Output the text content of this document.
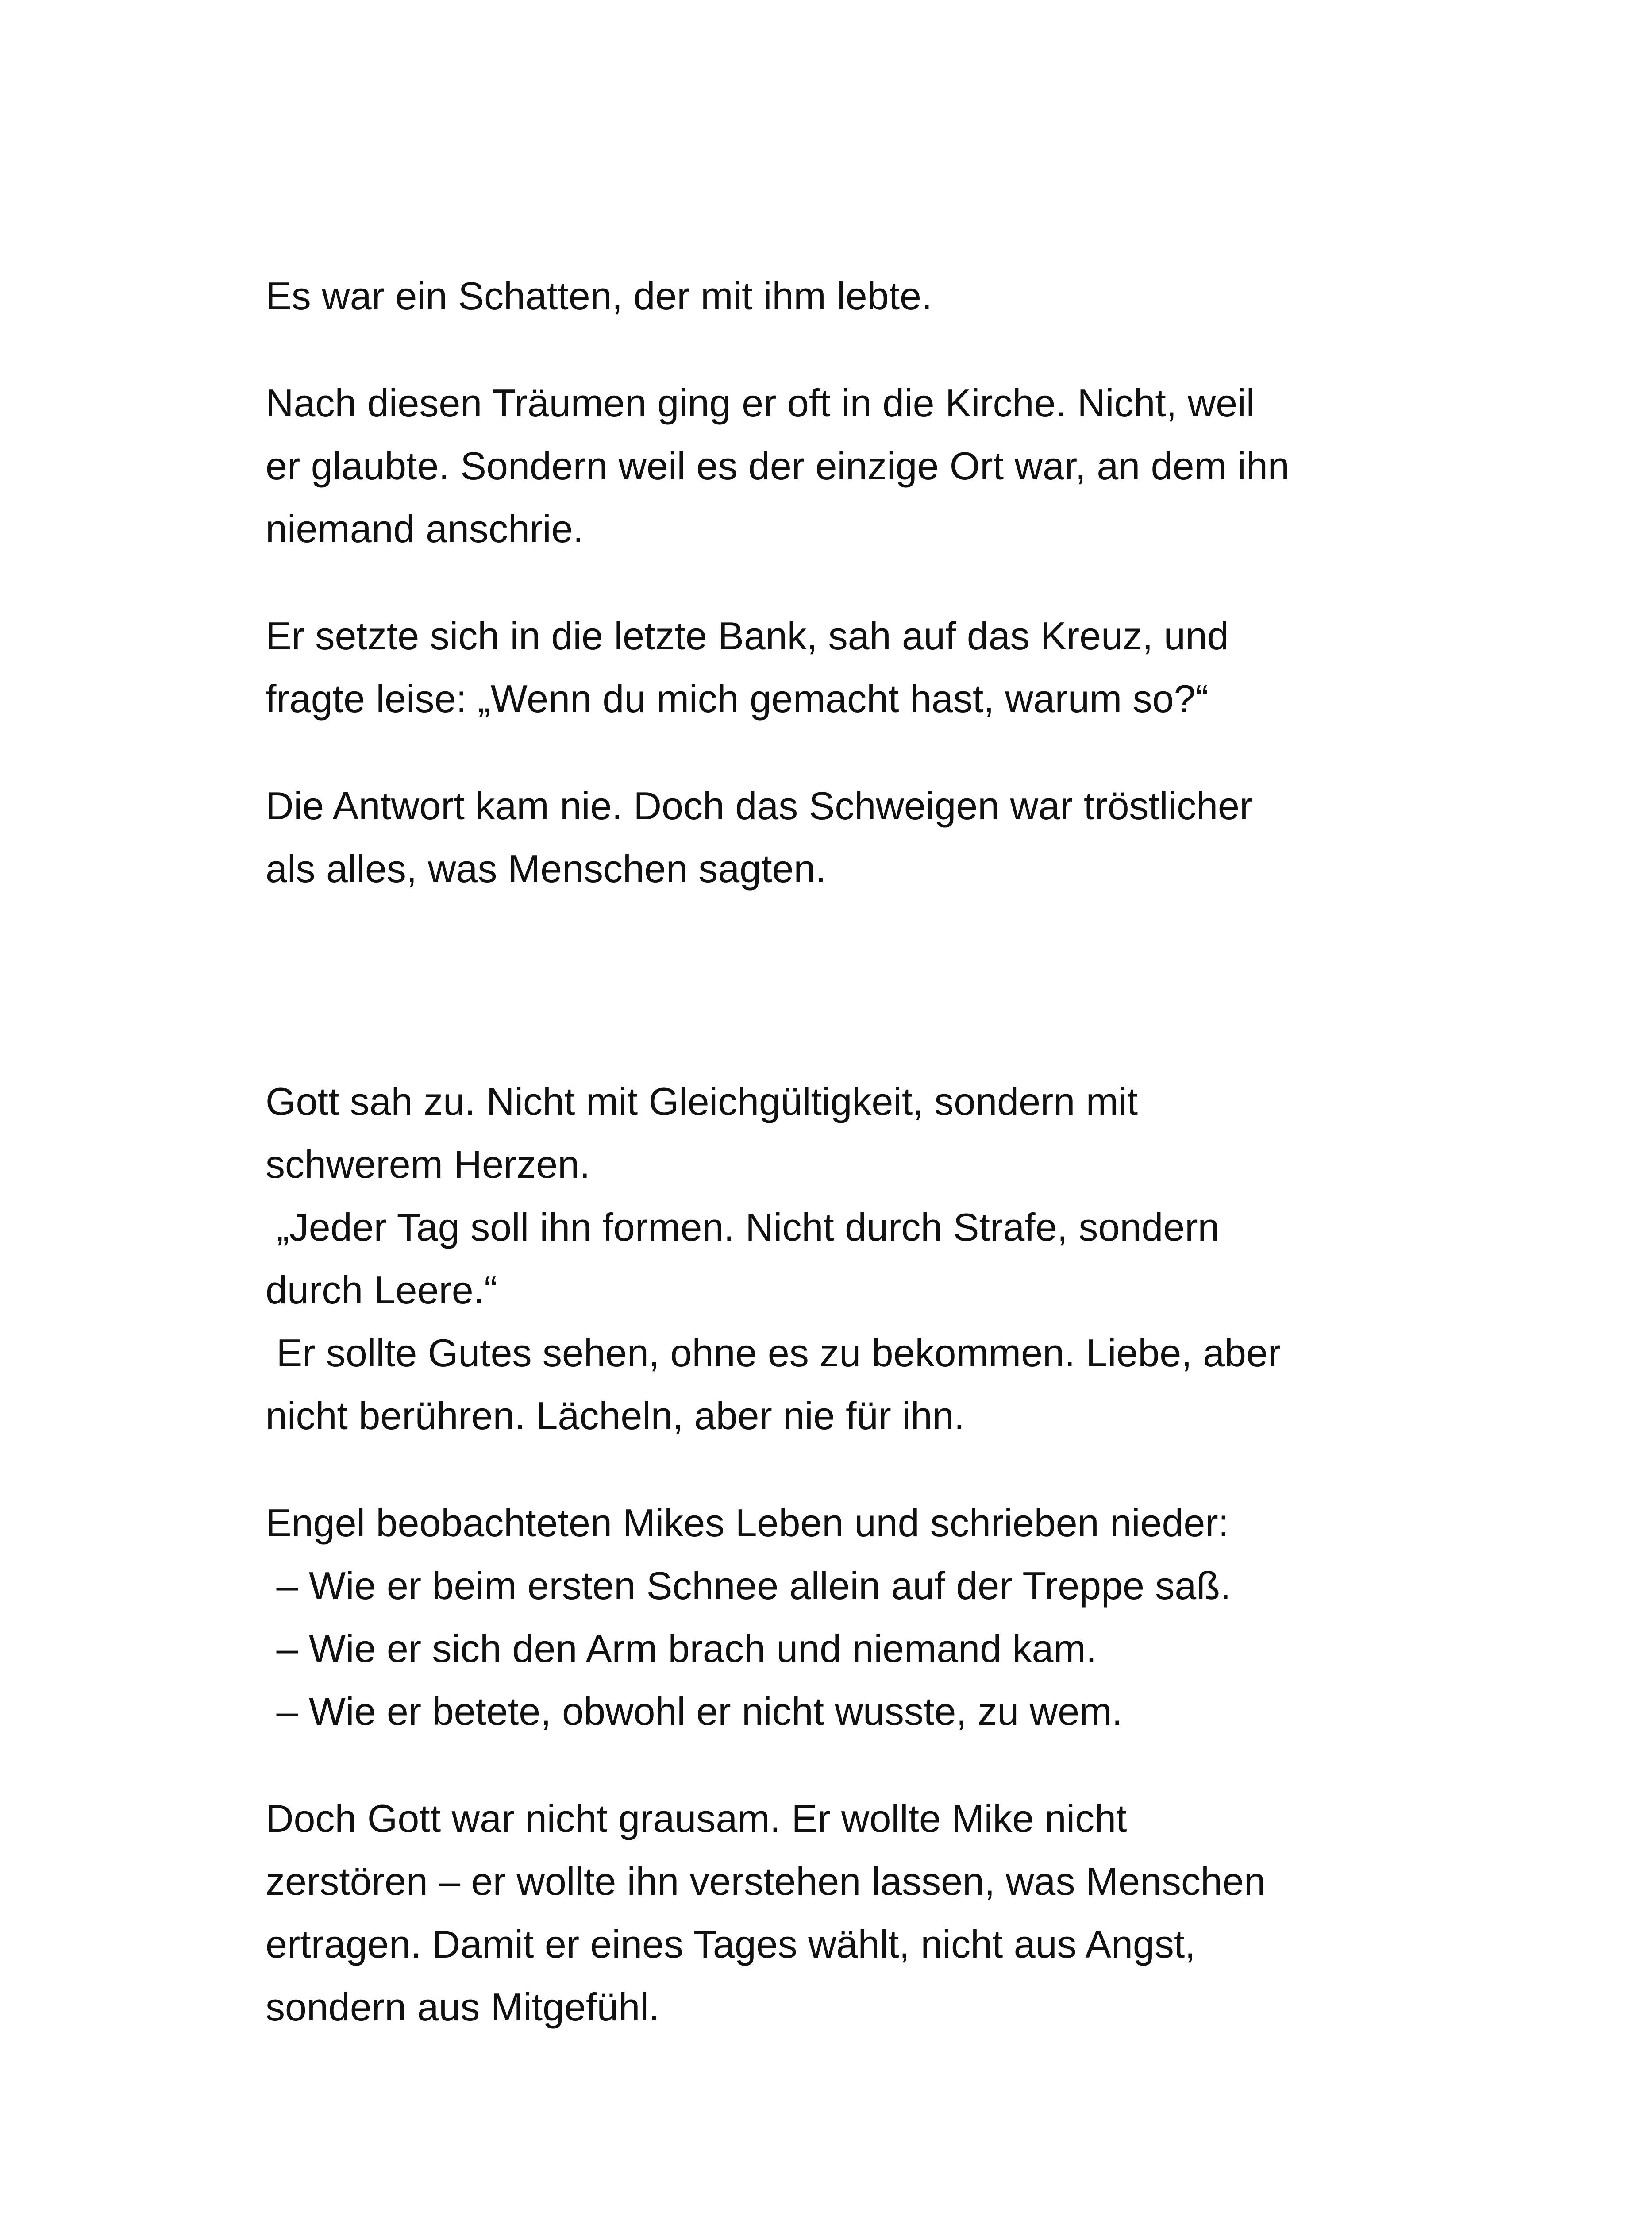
Es war ein Schatten, der mit ihm lebte.

Nach diesen Träumen ging er oft in die Kirche. Nicht, weil
er glaubte. Sondern weil es der einzige Ort war, an dem ihn
niemand anschrie.

Er setzte sich in die letzte Bank, sah auf das Kreuz, und
fragte leise: „Wenn du mich gemacht hast, warum so?“

Die Antwort kam nie. Doch das Schweigen war tröstlicher
als alles, was Menschen sagten.

Gott sah zu. Nicht mit Gleichgültigkeit, sondern mit
schwerem Herzen.
„Jeder Tag soll ihn formen. Nicht durch Strafe, sondern
durch Leere.“
Er sollte Gutes sehen, ohne es zu bekommen. Liebe, aber
nicht berühren. Lächeln, aber nie für ihn.

Engel beobachteten Mikes Leben und schrieben nieder:
– Wie er beim ersten Schnee allein auf der Treppe saß.
– Wie er sich den Arm brach und niemand kam.
– Wie er betete, obwohl er nicht wusste, zu wem.

Doch Gott war nicht grausam. Er wollte Mike nicht
zerstören – er wollte ihn verstehen lassen, was Menschen
ertragen. Damit er eines Tages wählt, nicht aus Angst,
sondern aus Mitgefühl.
